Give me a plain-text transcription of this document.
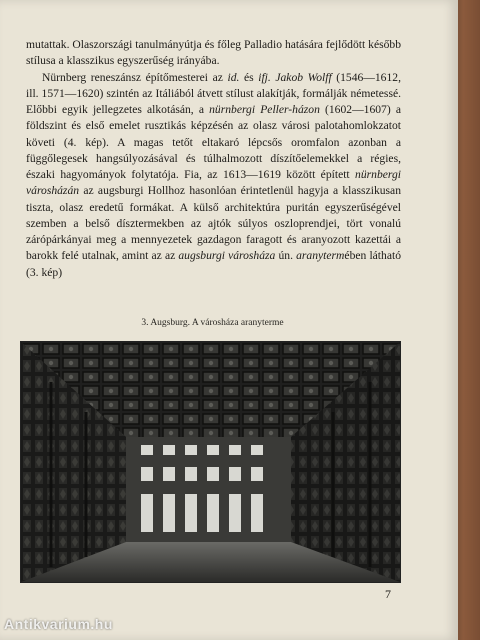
mutattak. Olaszországi tanulmányútja és főleg Palladio hatására fejlődött később stílusa a klasszikus egyszerűség irányába.

Nürnberg reneszánsz építőmesterei az id. és ifj. Jakob Wolff (1546—1612, ill. 1571—1620) szintén az Itáliából átvett stílust alakítják, formálják németessé. Előbbi egyik jellegzetes alkotásán, a nürnbergi Peller-házon (1602—1607) a földszint és első emelet rusztikás képzésén az olasz városi palotahomlokzatot követi (4. kép). A magas tetőt eltakaró lépcsős oromfalon azonban a függőlegesek hangsúlyozásával és túlhalmozott díszítőelemekkel a régies, északi hagyományok folytatója. Fia, az 1613—1619 között épített nürnbergi városházán az augsburgi Hollhoz hasonlóan érintetlenül hagyja a klasszikusan tiszta, olasz eredetű formákat. A külső architektúra puritán egyszerűségével szemben a belső dísztermekben az ajtók súlyos oszloprendjei, tört vonalú zárópárkányai meg a mennyezetek gazdagon faragott és aranyozott kazettái a barokk felé utalnak, amint az az augsburgi városháza ún. aranytermében látható (3. kép)

3. Augsburg. A városháza aranyterme
7
Antikvarium.hu
